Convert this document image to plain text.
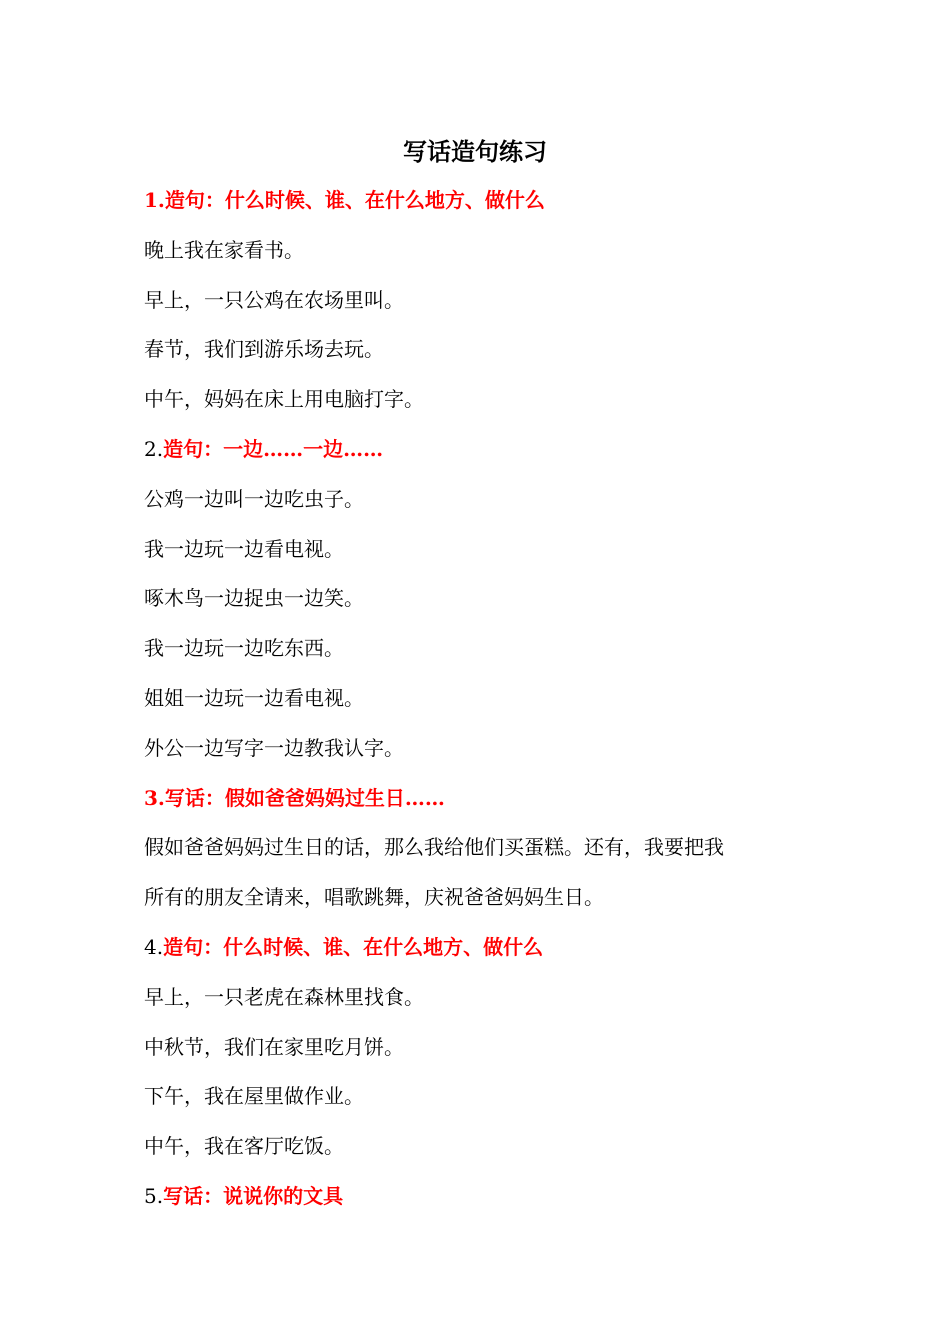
写话造句练习
1.造句：什么时候、谁、在什么地方、做什么
晚上我在家看书。
早上，一只公鸡在农场里叫。
春节，我们到游乐场去玩。
中午，妈妈在床上用电脑打字。
2.造句：一边……一边……
公鸡一边叫一边吃虫子。
我一边玩一边看电视。
啄木鸟一边捉虫一边笑。
我一边玩一边吃东西。
姐姐一边玩一边看电视。
外公一边写字一边教我认字。
3.写话：假如爸爸妈妈过生日……
假如爸爸妈妈过生日的话，那么我给他们买蛋糕。还有，我要把我
所有的朋友全请来，唱歌跳舞，庆祝爸爸妈妈生日。
4.造句：什么时候、谁、在什么地方、做什么
早上，一只老虎在森林里找食。
中秋节，我们在家里吃月饼。
下午，我在屋里做作业。
中午，我在客厅吃饭。
5.写话：说说你的文具
